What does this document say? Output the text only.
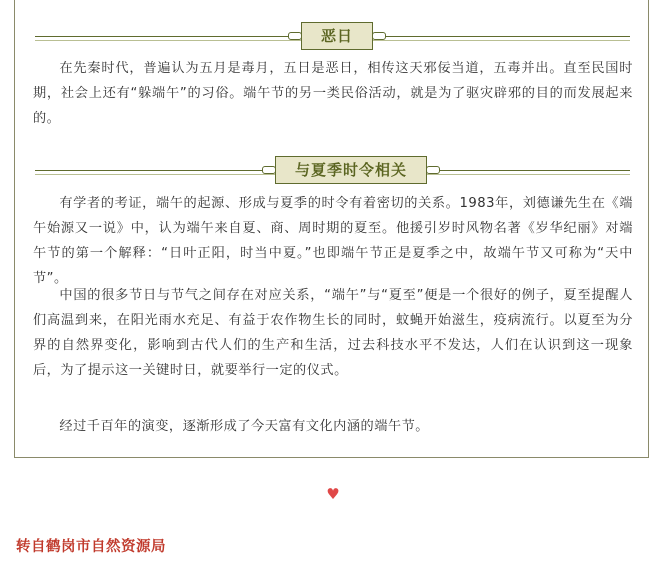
恶日

在先秦时代，普遍认为五月是毒月，五日是恶日，相传这天邪佞当道，五毒并出。直至民国时期，社会上还有“躲端午”的习俗。端午节的另一类民俗活动，就是为了驱灾辟邪的目的而发展起来的。

与夏季时令相关

有学者的考证，端午的起源、形成与夏季的时令有着密切的关系。1983年，刘德谦先生在《端午始源又一说》中，认为端午来自夏、商、周时期的夏至。他援引岁时风物名著《岁华纪丽》对端午节的第一个解释：“日叶正阳，时当中夏。”也即端午节正是夏季之中，故端午节又可称为“天中节”。

中国的很多节日与节气之间存在对应关系，“端午”与“夏至”便是一个很好的例子，夏至提醒人们高温到来，在阳光雨水充足、有益于农作物生长的同时，蚊蝇开始滋生，疫病流行。以夏至为分界的自然界变化，影响到古代人们的生产和生活，过去科技水平不发达，人们在认识到这一现象后，为了提示这一关键时日，就要举行一定的仪式。

经过千百年的演变，逐渐形成了今天富有文化内涵的端午节。

♥
转自鹤岗市自然资源局
